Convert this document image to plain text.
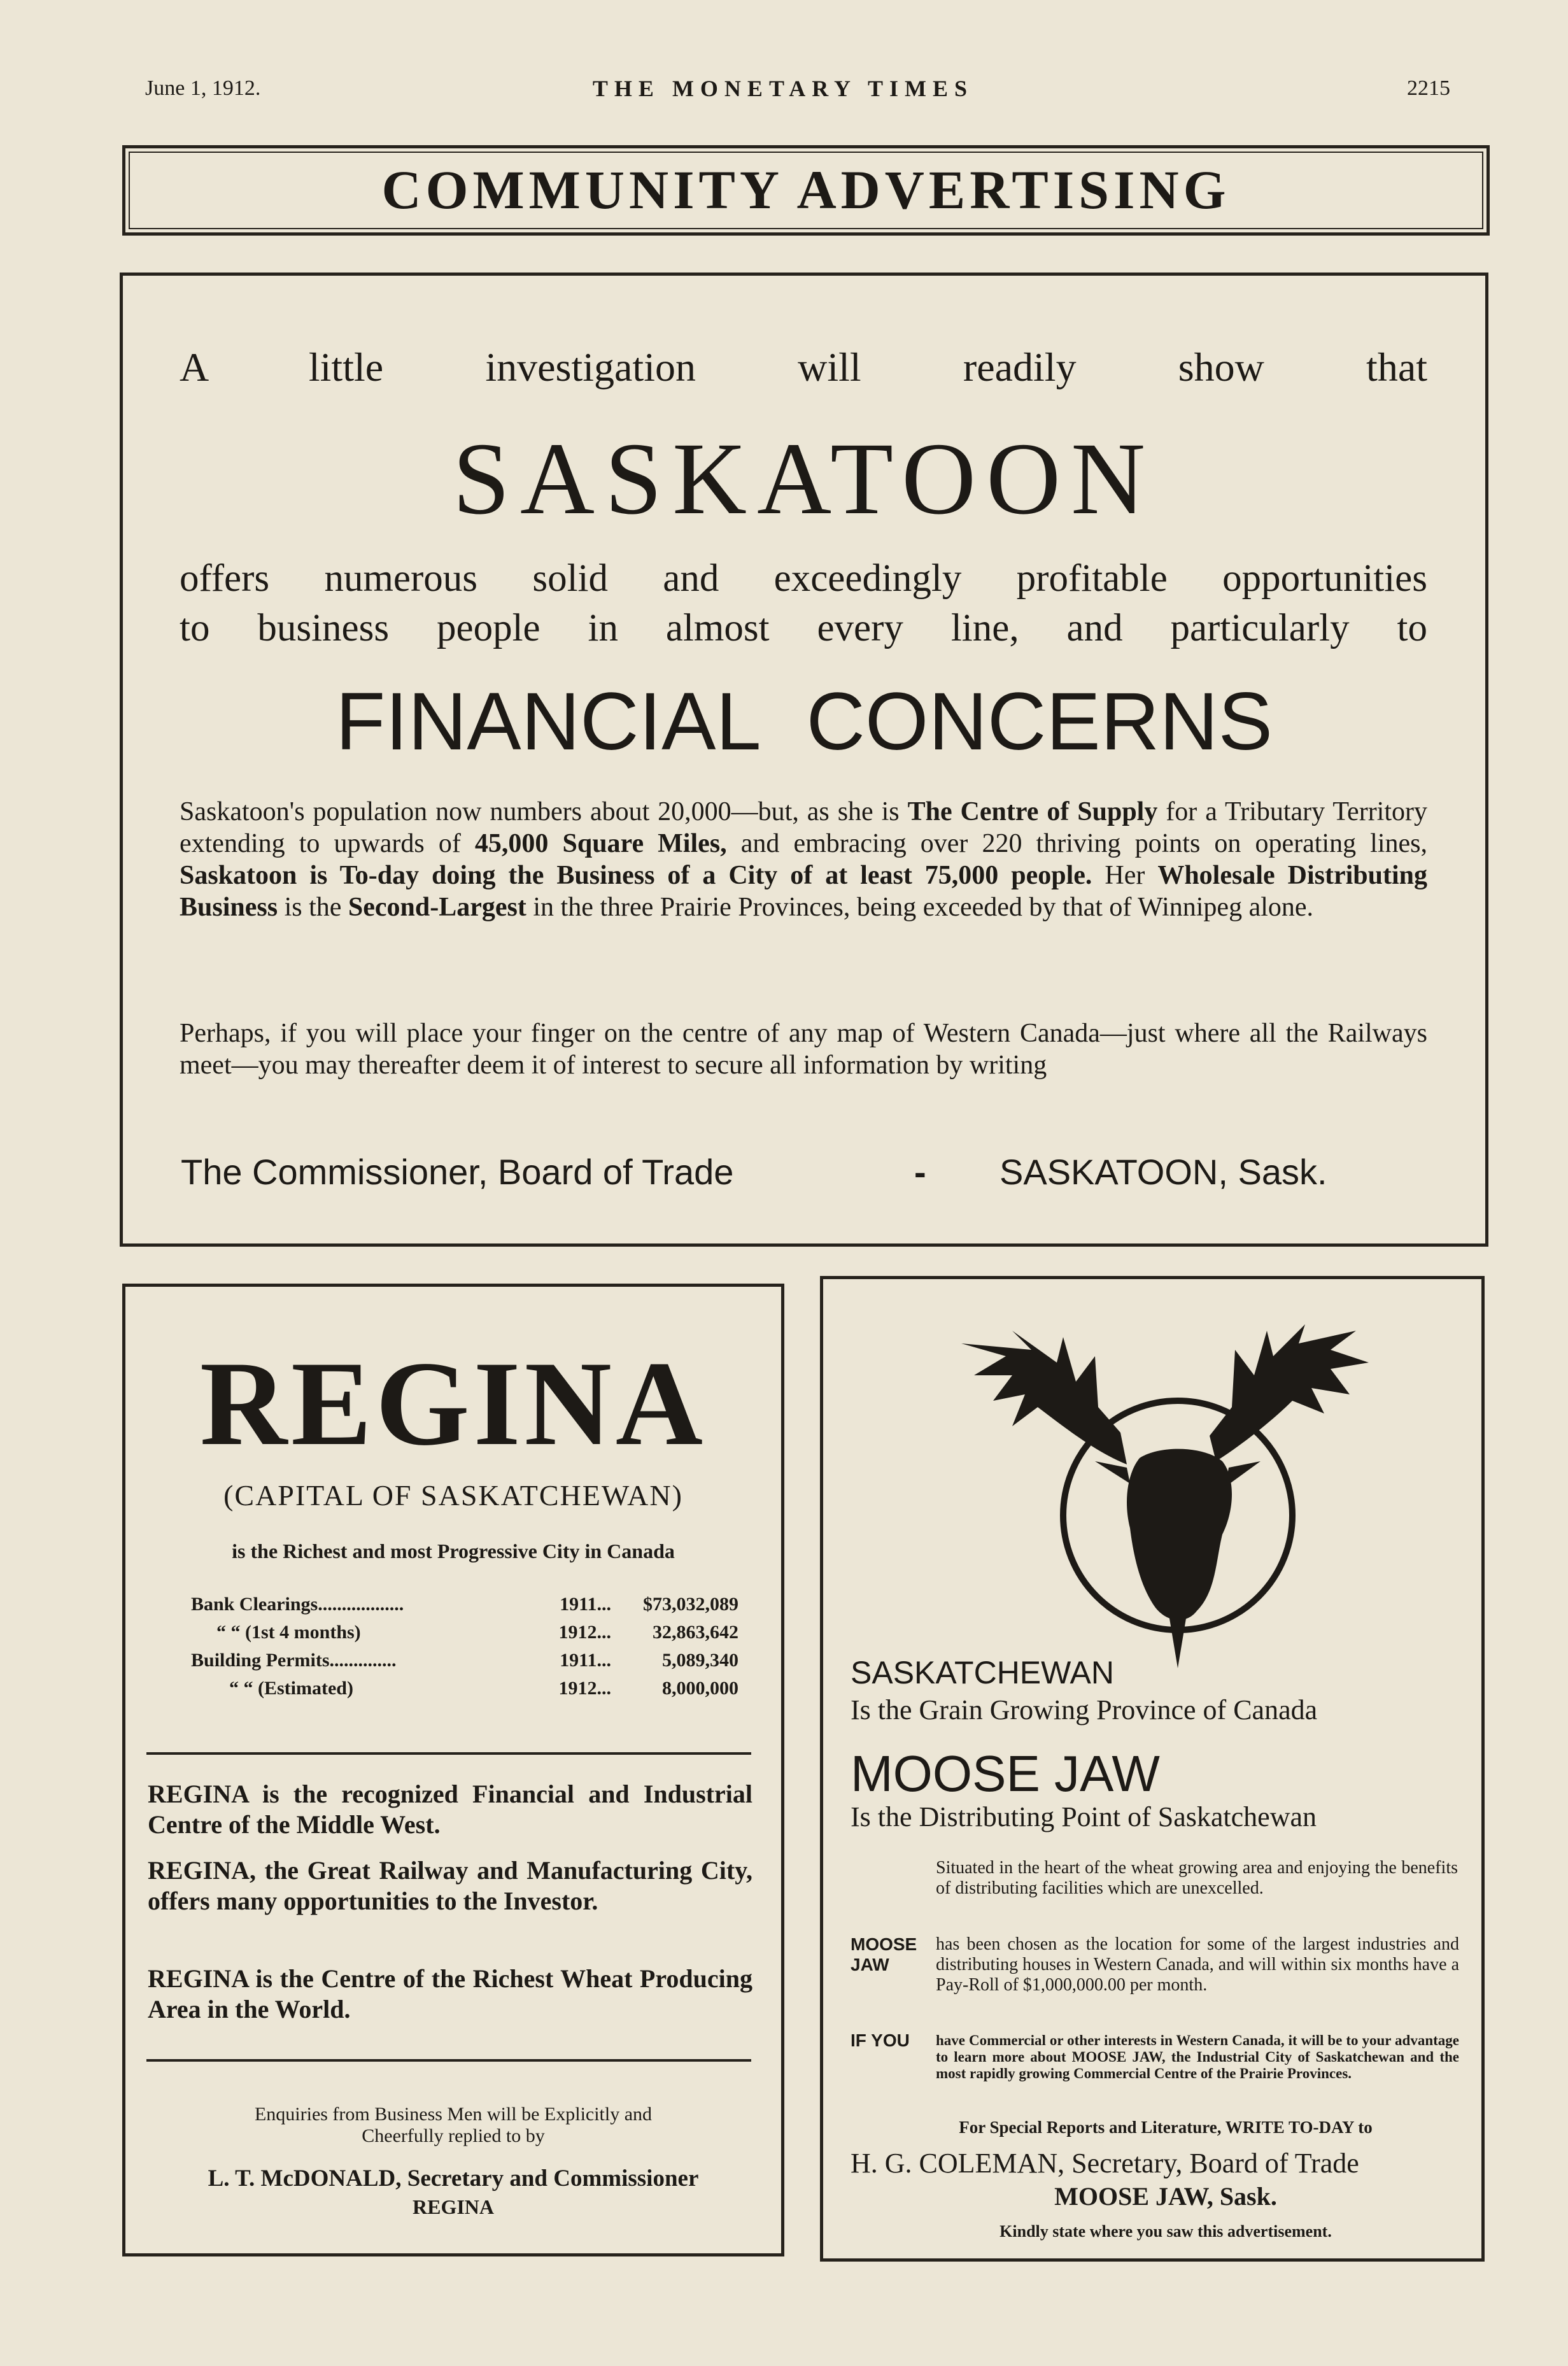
June 1, 1912.	THE MONETARY TIMES	2215
COMMUNITY ADVERTISING
A little investigation will readily show that
SASKATOON
offers numerous solid and exceedingly profitable opportunities
to business people in almost every line, and particularly to
FINANCIAL CONCERNS
Saskatoon's population now numbers about 20,000—but, as she is The Centre of Supply for a Tributary Territory extending to upwards of 45,000 Square Miles, and embracing over 220 thriving points on operating lines, Saskatoon is To-day doing the Business of a City of at least 75,000 people. Her Wholesale Distributing Business is the Second-Largest in the three Prairie Provinces, being exceeded by that of Winnipeg alone.
Perhaps, if you will place your finger on the centre of any map of Western Canada—just where all the Railways meet—you may thereafter deem it of interest to secure all information by writing
The Commissioner, Board of Trade	- SASKATOON, Sask.
REGINA
(CAPITAL OF SASKATCHEWAN)
is the Richest and most Progressive City in Canada
Bank Clearings ..................	1911...	$73,032,089
“ “ (1st 4 months)	1912...	32,863,642
Building Permits ..............	1911...	5,089,340
“ “ (Estimated)	1912...	8,000,000
REGINA is the recognized Financial and Industrial Centre of the Middle West.
REGINA, the Great Railway and Manufacturing City, offers many opportunities to the Investor.
REGINA is the Centre of the Richest Wheat Producing Area in the World.
Enquiries from Business Men will be Explicitly and Cheerfully replied to by
L. T. McDONALD, Secretary and Commissioner
REGINA
SASKATCHEWAN
Is the Grain Growing Province of Canada
MOOSE JAW
Is the Distributing Point of Saskatchewan
Situated in the heart of the wheat growing area and enjoying the benefits of distributing facilities which are unexcelled.
MOOSE JAW
has been chosen as the location for some of the largest industries and distributing houses in Western Canada, and will within six months have a Pay-Roll of $1,000,000.00 per month.
IF YOU	have Commercial or other interests in Western Canada, it will be to your advantage to learn more about MOOSE JAW, the Industrial City of Saskatchewan and the most rapidly growing Commercial Centre of the Prairie Provinces.
For Special Reports and Literature, WRITE TO-DAY to
H. G. COLEMAN, Secretary, Board of Trade
MOOSE JAW, Sask.
Kindly state where you saw this advertisement.
